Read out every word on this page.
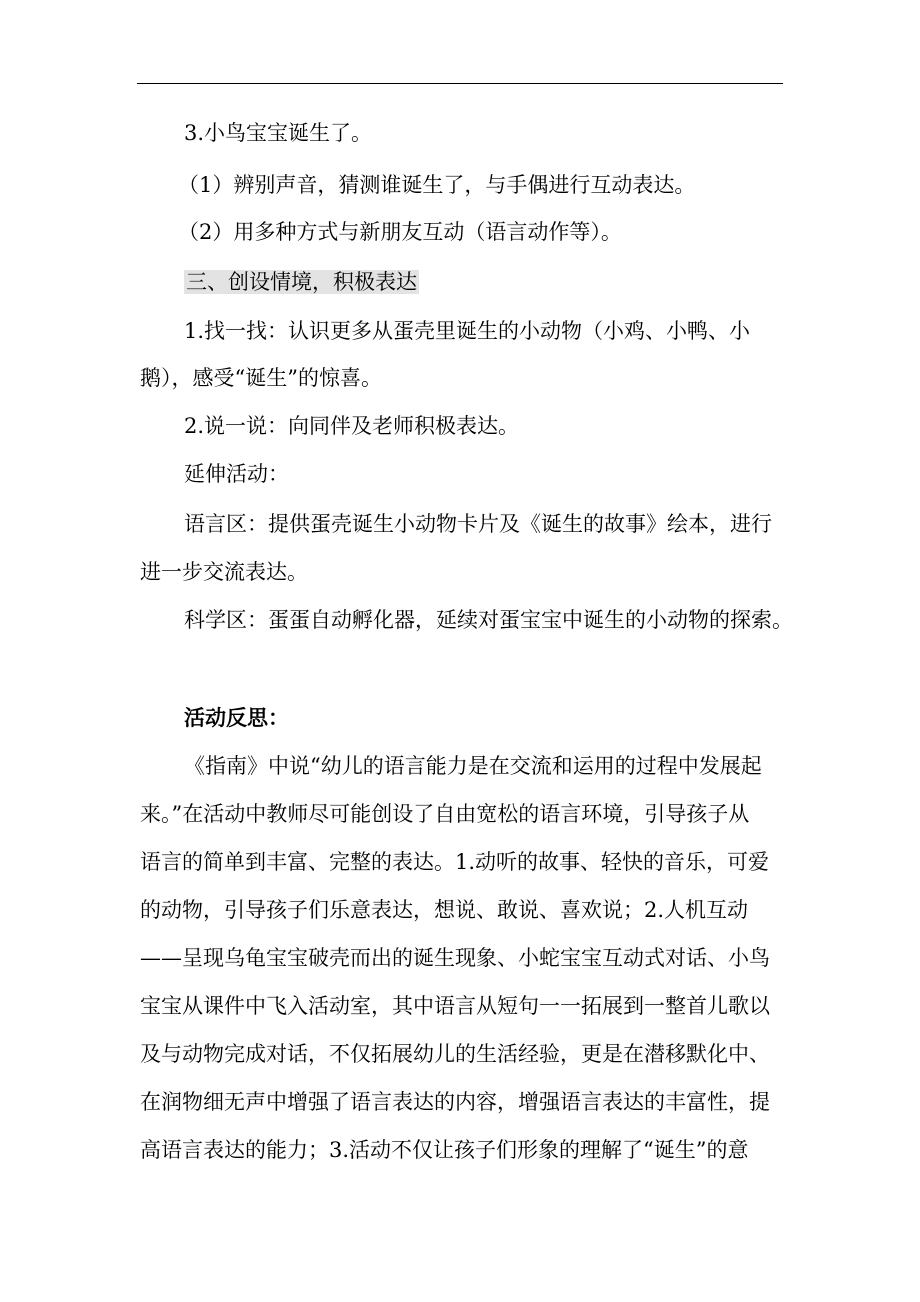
3.小鸟宝宝诞生了。
（1）辨别声音，猜测谁诞生了，与手偶进行互动表达。
（2）用多种方式与新朋友互动（语言动作等）。
三、创设情境，积极表达
1.找一找：认识更多从蛋壳里诞生的小动物（小鸡、小鸭、小
鹅），感受“诞生”的惊喜。
2.说一说：向同伴及老师积极表达。
延伸活动：
语言区：提供蛋壳诞生小动物卡片及《诞生的故事》绘本，进行
进一步交流表达。
科学区：蛋蛋自动孵化器，延续对蛋宝宝中诞生的小动物的探索。
活动反思：
《指南》中说“幼儿的语言能力是在交流和运用的过程中发展起
来。”在活动中教师尽可能创设了自由宽松的语言环境，引导孩子从
语言的简单到丰富、完整的表达。1.动听的故事、轻快的音乐，可爱
的动物，引导孩子们乐意表达，想说、敢说、喜欢说；2.人机互动
——呈现乌龟宝宝破壳而出的诞生现象、小蛇宝宝互动式对话、小鸟
宝宝从课件中飞入活动室，其中语言从短句一一拓展到一整首儿歌以
及与动物完成对话，不仅拓展幼儿的生活经验，更是在潜移默化中、
在润物细无声中增强了语言表达的内容，增强语言表达的丰富性，提
高语言表达的能力；3.活动不仅让孩子们形象的理解了“诞生”的意
